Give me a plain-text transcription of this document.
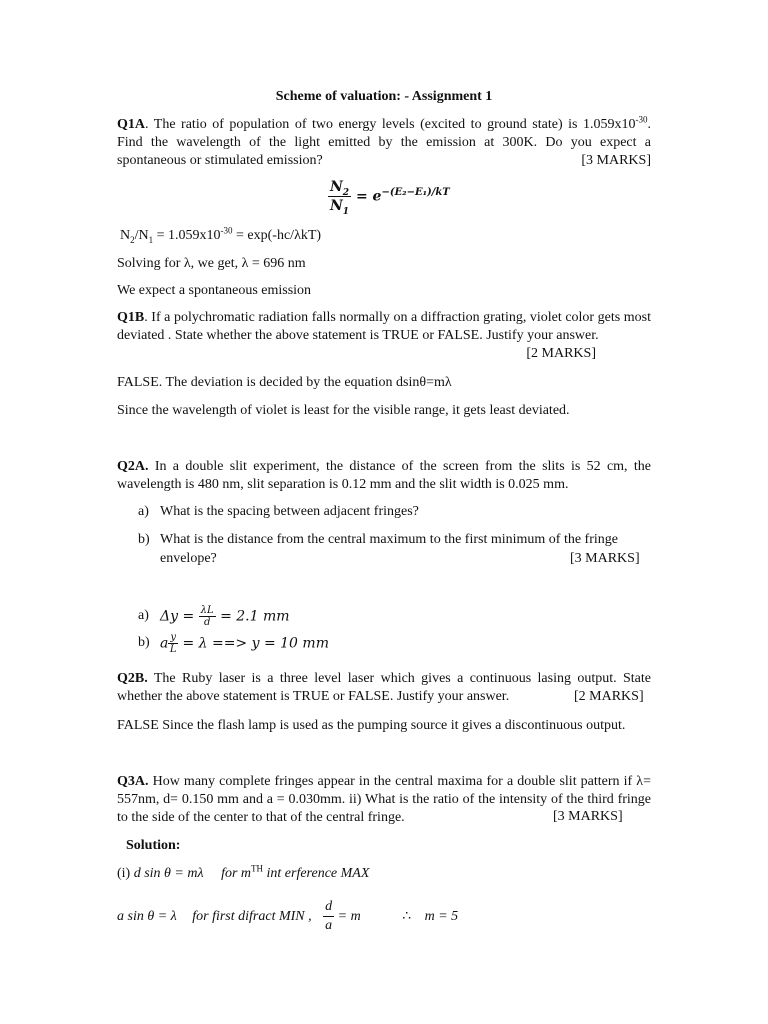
Scheme of valuation: - Assignment 1
Q1A. The ratio of population of two energy levels (excited to ground state) is $1.059x10^{-30}$. Find the wavelength of the light emitted by the emission at 300K. Do you expect a spontaneous or stimulated emission?	[3 MARKS]
$\frac{N_2}{N_1} = e^{-(E_2-E_1)/kT}$
$N_2/N_1 = 1.059x10^{-30} = \exp(-hc/\lambda kT)$
Solving for λ, we get, λ = 696 nm
We expect a spontaneous emission
Q1B. If a polychromatic radiation falls normally on a diffraction grating, violet color gets most deviated . State whether the above statement is TRUE or FALSE. Justify your answer.

[2 MARKS]
FALSE. The deviation is decided by the equation dsinθ=mλ
Since the wavelength of violet is least for the visible range, it gets least deviated.
Q2A. In a double slit experiment, the distance of the screen from the slits is 52 cm, the wavelength is 480 nm, slit separation is 0.12 mm and the slit width is 0.025 mm.
a) What is the spacing between adjacent fringes?
b) What is the distance from the central maximum to the first minimum of the fringe
envelope?	[3 MARKS]
a) $\Delta y = \frac{\lambda L}{d} = 2.1$ mm
b) a $\frac{y}{L} = \lambda$ ==> y = 10 mm
Q2B. The Ruby laser is a three level laser which gives a continuous lasing output. State whether the above statement is TRUE or FALSE. Justify your answer.	[2 MARKS]
FALSE Since the flash lamp is used as the pumping source it gives a discontinuous output.
Q3A. How many complete fringes appear in the central maxima for a double slit pattern if λ= 557nm, d= 0.150 mm and a = 0.030mm. ii) What is the ratio of the intensity of the third fringe to the side of the center to that of the central fringe.	[3 MARKS]
Solution:
(i) d sin θ = mλ for $m^{TH}$ int erference MAX
a sin θ = λ for first difract MIN , $\frac{d}{a} = m$	∴ m = 5
